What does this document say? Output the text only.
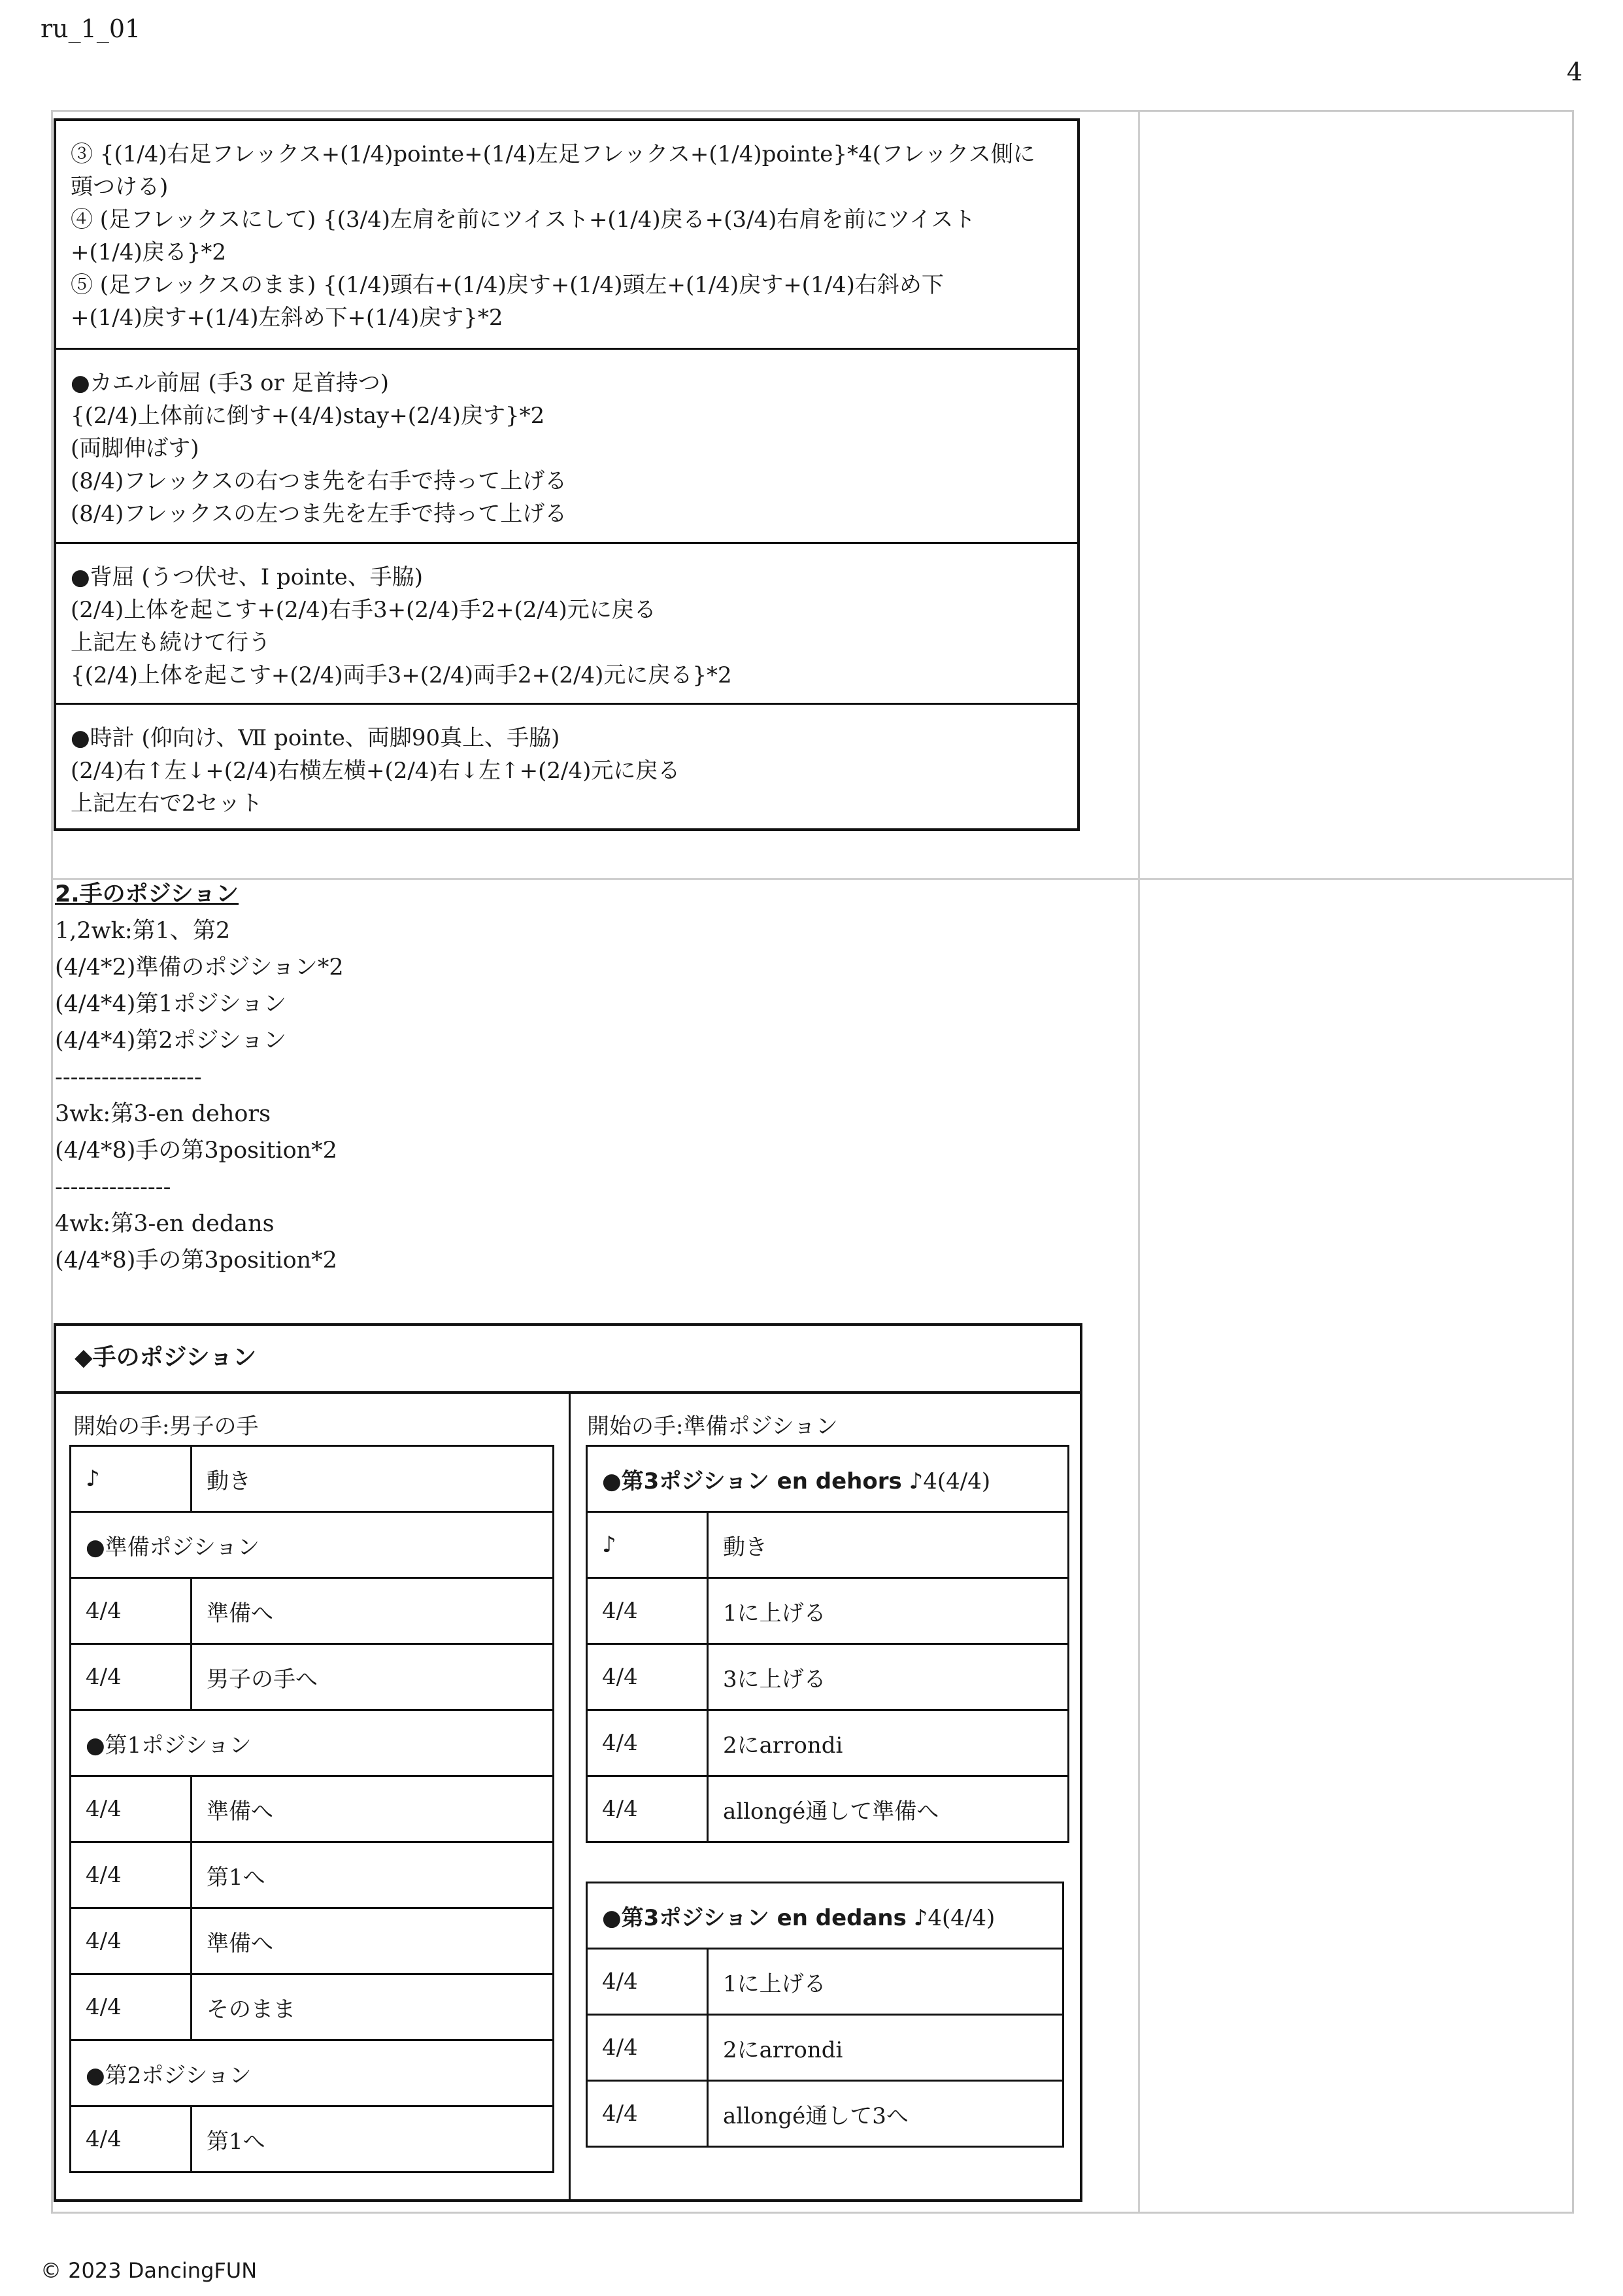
ru_1_01
4

③ {(1/4)右足フレックス+(1/4)pointe+(1/4)左足フレックス+(1/4)pointe}*4(フレックス側に

頭つける)

④ (足フレックスにして) {(3/4)左肩を前にツイスト+(1/4)戻る+(3/4)右肩を前にツイスト

+(1/4)戻る}*2

⑤ (足フレックスのまま) {(1/4)頭右+(1/4)戻す+(1/4)頭左+(1/4)戻す+(1/4)右斜め下

+(1/4)戻す+(1/4)左斜め下+(1/4)戻す}*2

●カエル前屈 (手3 or 足首持つ)

{(2/4)上体前に倒す+(4/4)stay+(2/4)戻す}*2

(両脚伸ばす)

(8/4)フレックスの右つま先を右手で持って上げる

(8/4)フレックスの左つま先を左手で持って上げる

●背屈 (うつ伏せ、I pointe、手脇)

(2/4)上体を起こす+(2/4)右手3+(2/4)手2+(2/4)元に戻る

上記左も続けて行う

{(2/4)上体を起こす+(2/4)両手3+(2/4)両手2+(2/4)元に戻る}*2

●時計 (仰向け、Ⅶ pointe、両脚90真上、手脇)

(2/4)右↑左↓+(2/4)右横左横+(2/4)右↓左↑+(2/4)元に戻る

上記左右で2セット

2.手のポジション

1,2wk:第1、第2

(4/4*2)準備のポジション*2

(4/4*4)第1ポジション

(4/4*4)第2ポジション

-------------------

3wk:第3-en dehors

(4/4*8)手の第3position*2

---------------

4wk:第3-en dedans

(4/4*8)手の第3position*2

◆手のポジション
開始の手:男子の手	開始の手:準備ポジション
♪	動き
●準備ポジション	
4/4	準備へ
4/4	男子の手へ
●第1ポジション	
4/4	準備へ
4/4	第1へ
4/4	準備へ
4/4	そのまま
●第2ポジション	
4/4	第1へ
●第3ポジション en dehors ♪4(4/4)	
♪	動き
4/4	1に上げる
4/4	3に上げる
4/4	2にarrondi
4/4	allongé通して準備へ
●第3ポジション en dedans ♪4(4/4)	
4/4	1に上げる
4/4	2にarrondi
4/4	allongé通して3へ
© 2023 DancingFUN
